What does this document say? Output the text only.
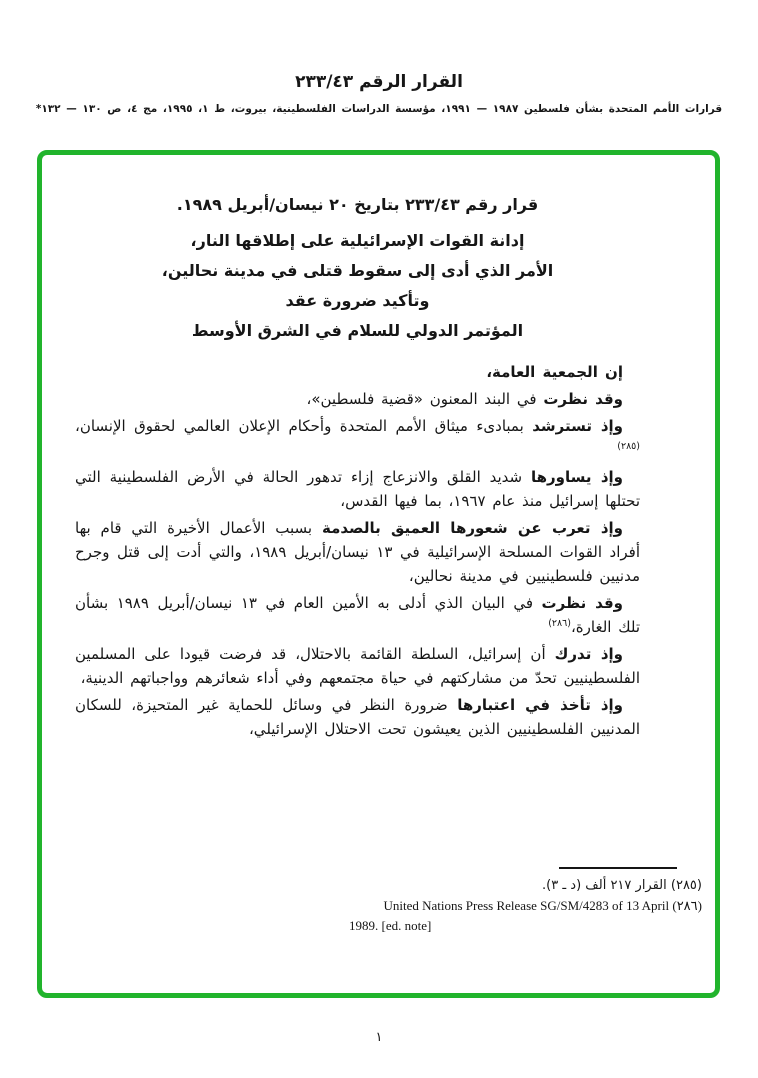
القرار الرقم ٢٣٣/٤٣
قرارات الأمم المتحدة بشأن فلسطين ١٩٨٧ — ١٩٩١، مؤسسة الدراسات الفلسطينية، بيروت، ط ١، ١٩٩٥، مج ٤، ص ١٣٠ — ١٣٢*
قرار رقم ٢٣٣/٤٣ بتاريخ ٢٠ نيسان/أبريل ١٩٨٩.
إدانة القوات الإسرائيلية على إطلاقها النار،
الأمر الذي أدى إلى سقوط قتلى في مدينة نحالين،
وتأكيد ضرورة عقد
المؤتمر الدولي للسلام في الشرق الأوسط

إن الجمعية العامة،

وقد نظرت في البند المعنون «قضية فلسطين»،

وإذ تسترشد بمبادىء ميثاق الأمم المتحدة وأحكام الإعلان العالمي لحقوق الإنسان،$^{(٢٨٥)}$

وإذ يساورها شديد القلق والانزعاج إزاء تدهور الحالة في الأرض الفلسطينية التي تحتلها إسرائيل منذ عام ١٩٦٧، بما فيها القدس،

وإذ تعرب عن شعورها العميق بالصدمة بسبب الأعمال الأخيرة التي قام بها أفراد القوات المسلحة الإسرائيلية في ١٣ نيسان/أبريل ١٩٨٩، والتي أدت إلى قتل وجرح مدنيين فلسطينيين في مدينة نحالين،

وقد نظرت في البيان الذي أدلى به الأمين العام في ١٣ نيسان/أبريل ١٩٨٩ بشأن تلك الغارة،$^{(٢٨٦)}$

وإذ تدرك أن إسرائيل، السلطة القائمة بالاحتلال، قد فرضت قيودا على المسلمين الفلسطينيين تحدّ من مشاركتهم في حياة مجتمعهم وفي أداء شعائرهم وواجباتهم الدينية،

وإذ تأخذ في اعتبارها ضرورة النظر في وسائل للحماية غير المتحيزة، للسكان المدنيين الفلسطينيين الذين يعيشون تحت الاحتلال الإسرائيلي،

(٢٨٥) القرار ٢١٧ ألف (د ـ ٣).
(٢٨٦) United Nations Press Release SG/SM/4283 of 13 April
1989. [ed. note]
١
